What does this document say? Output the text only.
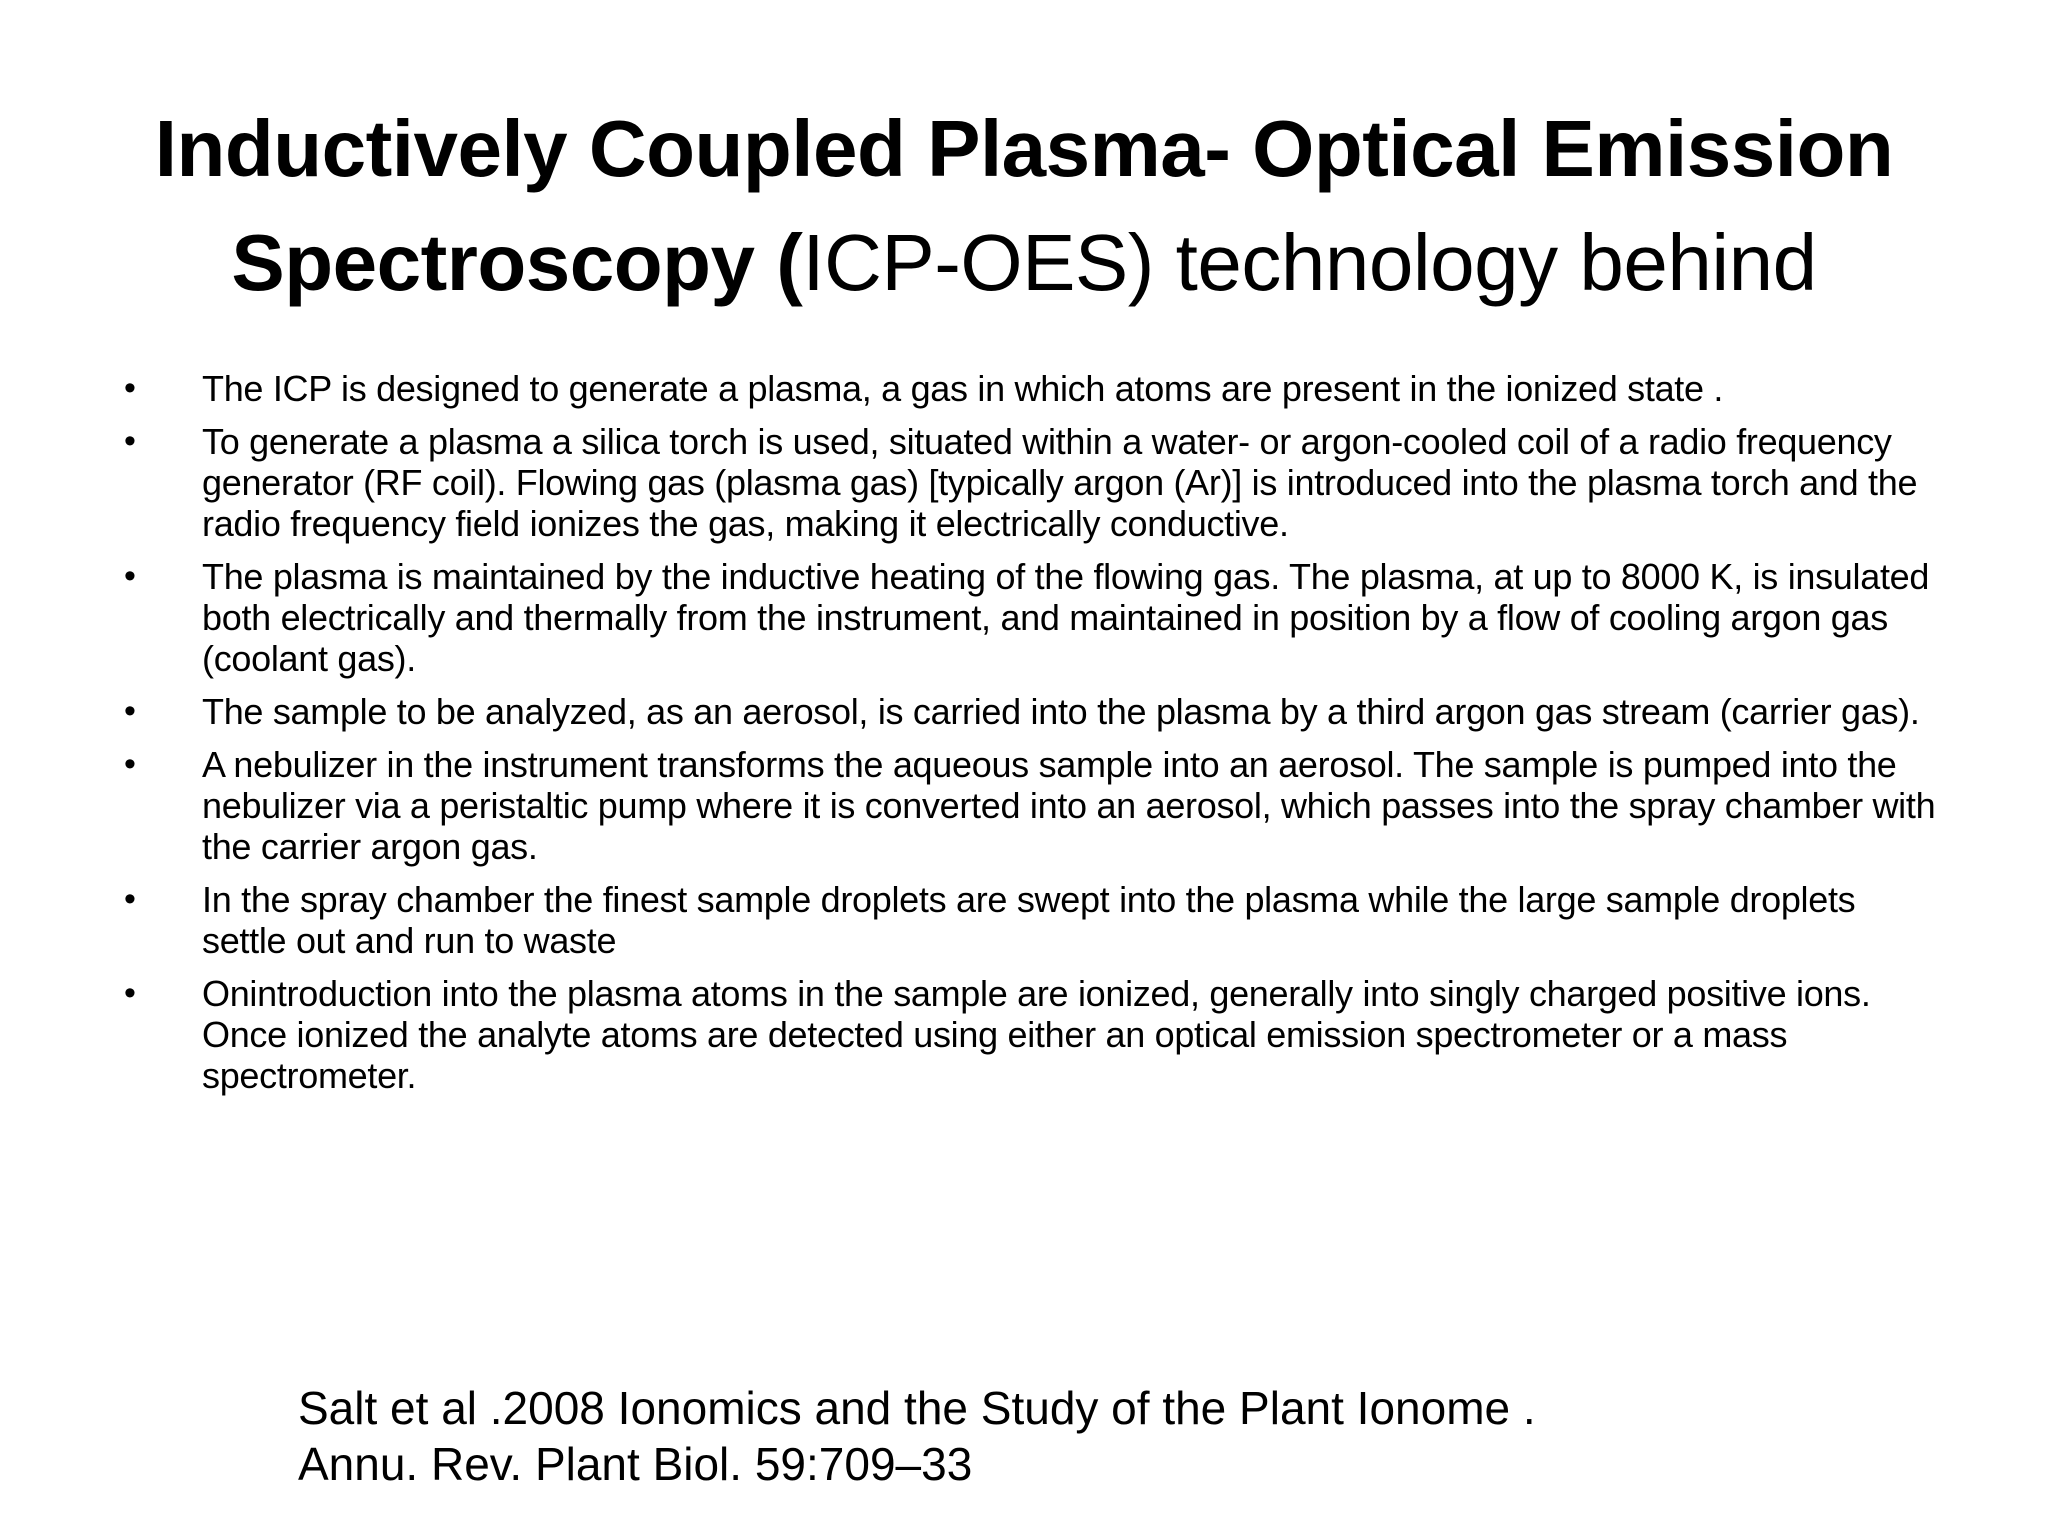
Inductively Coupled Plasma- Optical Emission
Spectroscopy (ICP-OES) technology behind
• The ICP is designed to generate a plasma, a gas in which atoms are present in the ionized state .
• To generate a plasma a silica torch is used, situated within a water- or argon-cooled coil of a radio frequency generator (RF coil). Flowing gas (plasma gas) [typically argon (Ar)] is introduced into the plasma torch and the radio frequency field ionizes the gas, making it electrically conductive.
• The plasma is maintained by the inductive heating of the flowing gas. The plasma, at up to 8000 K, is insulated both electrically and thermally from the instrument, and maintained in position by a flow of cooling argon gas (coolant gas).
• The sample to be analyzed, as an aerosol, is carried into the plasma by a third argon gas stream (carrier gas).
• A nebulizer in the instrument transforms the aqueous sample into an aerosol. The sample is pumped into the nebulizer via a peristaltic pump where it is converted into an aerosol, which passes into the spray chamber with the carrier argon gas.
• In the spray chamber the finest sample droplets are swept into the plasma while the large sample droplets settle out and run to waste
• Onintroduction into the plasma atoms in the sample are ionized, generally into singly charged positive ions. Once ionized the analyte atoms are detected using either an optical emission spectrometer or a mass spectrometer.
Salt et al .2008 Ionomics and the Study of the Plant Ionome .
Annu. Rev. Plant Biol. 59:709–33
